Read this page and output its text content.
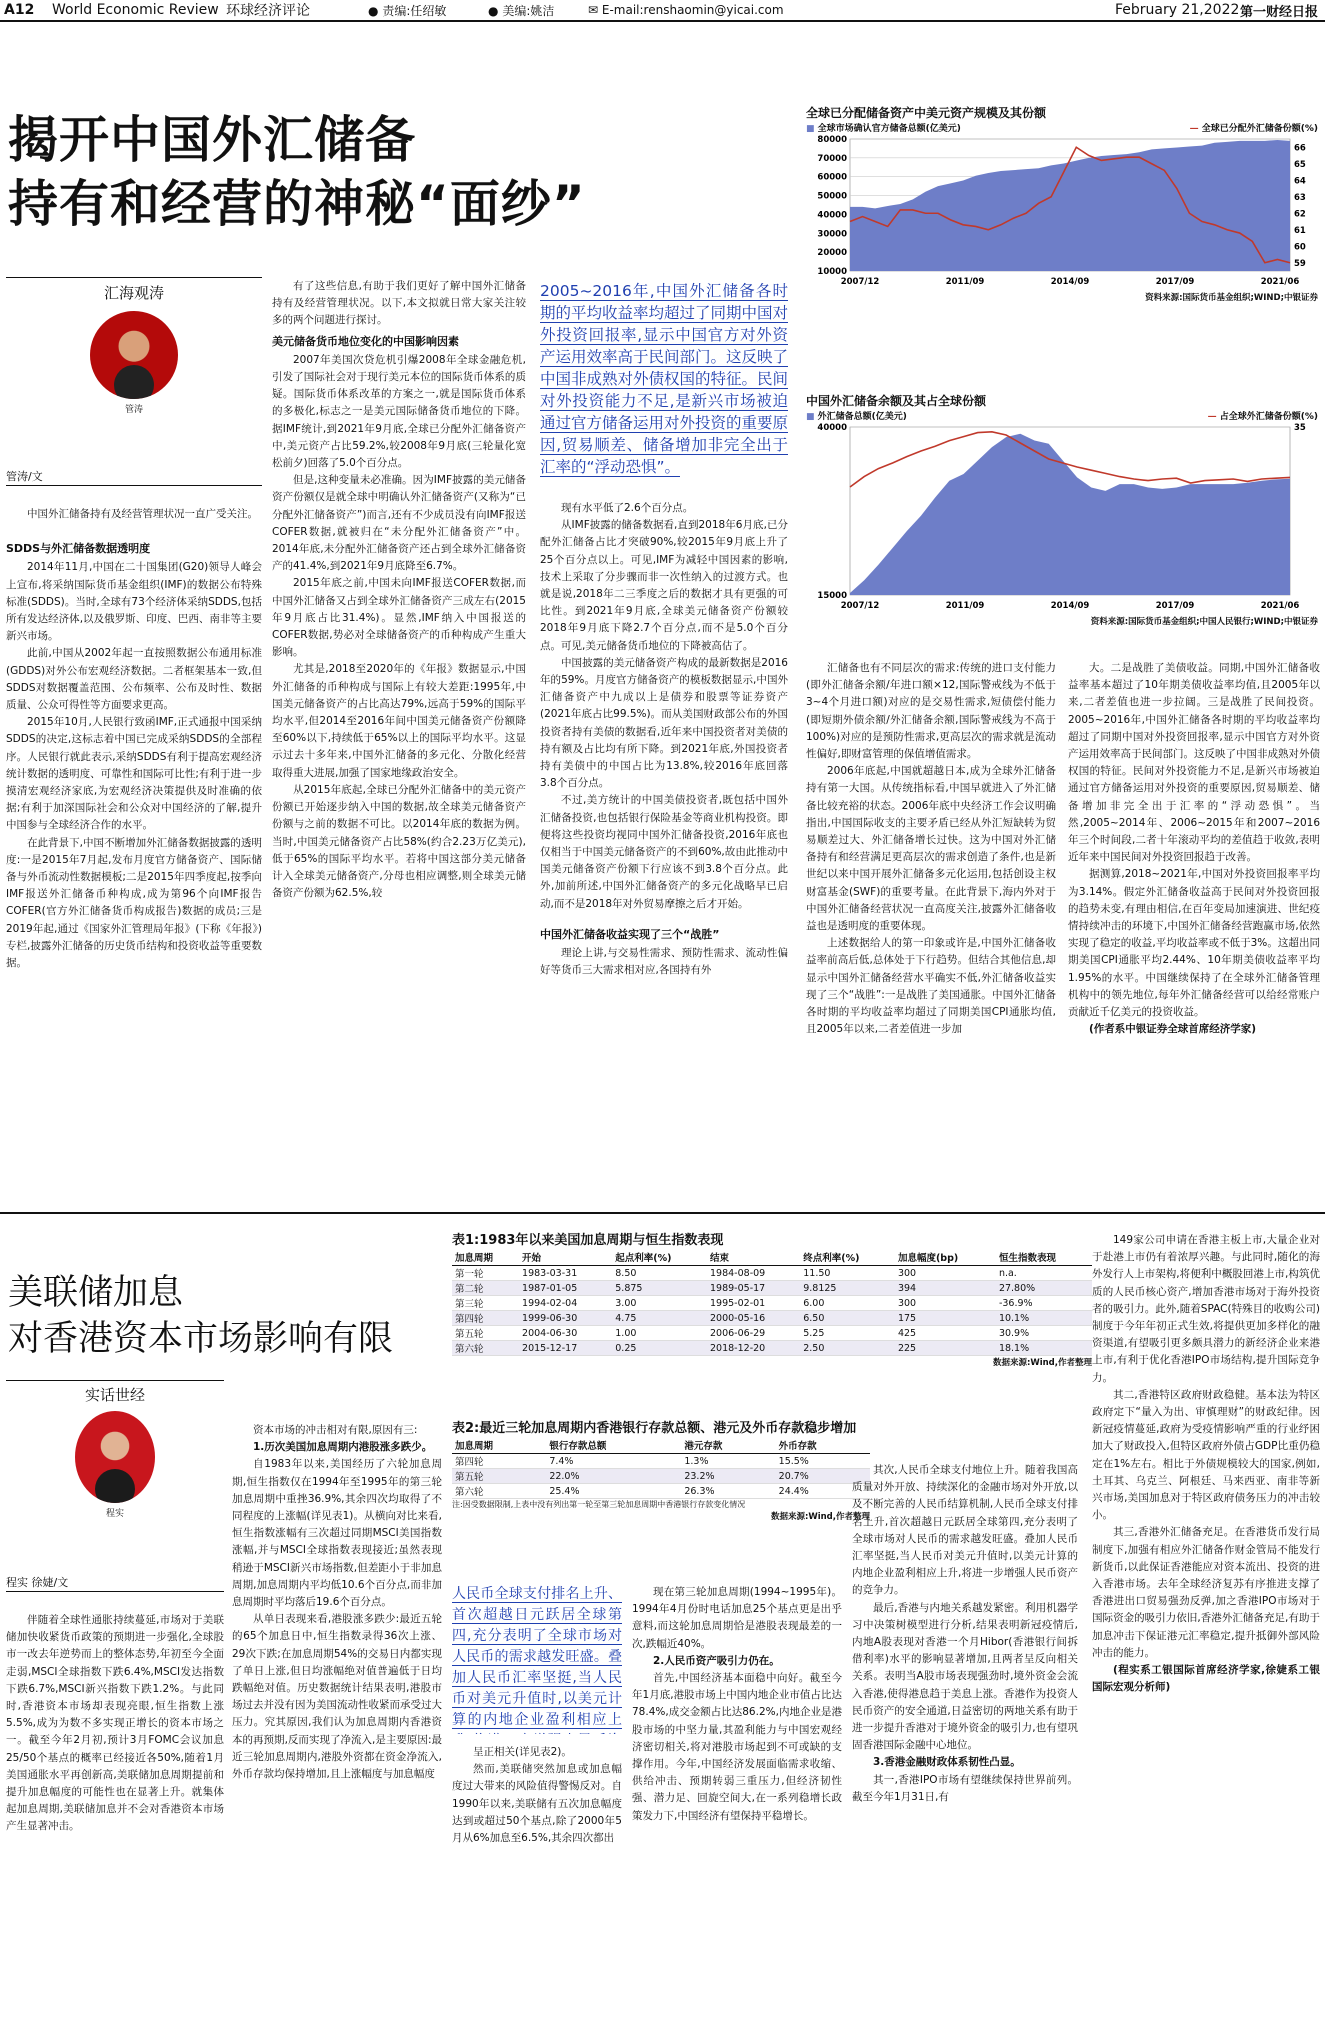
A12 World Economic Review 环球经济评论	● 责编:任绍敏	● 美编:姚洁	✉ E-mail:renshaomin@yicai.com	February 21,2022 第一财经日报
揭开中国外汇储备
持有和经营的神秘“面纱”
汇海观涛
管涛
管涛/文

中国外汇储备持有及经营管理状况一直广受关注。

SDDS与外汇储备数据透明度

2014年11月,中国在二十国集团(G20)领导人峰会上宣布,将采纳国际货币基金组织(IMF)的数据公布特殊标准(SDDS)。当时,全球有73个经济体采纳SDDS,包括所有发达经济体,以及俄罗斯、印度、巴西、南非等主要新兴市场。

此前,中国从2002年起一直按照数据公布通用标准(GDDS)对外公布宏观经济数据。二者框架基本一致,但SDDS对数据覆盖范围、公布频率、公布及时性、数据质量、公众可得性等方面要求更高。

2015年10月,人民银行致函IMF,正式通报中国采纳SDDS的决定,这标志着中国已完成采纳SDDS的全部程序。人民银行就此表示,采纳SDDS有利于提高宏观经济统计数据的透明度、可靠性和国际可比性;有利于进一步摸清宏观经济家底,为宏观经济决策提供及时准确的依据;有利于加深国际社会和公众对中国经济的了解,提升中国参与全球经济合作的水平。

在此背景下,中国不断增加外汇储备数据披露的透明度:一是2015年7月起,发布月度官方储备资产、国际储备与外币流动性数据模板;二是2015年四季度起,按季向IMF报送外汇储备币种构成,成为第96个向IMF报告COFER(官方外汇储备货币构成报告)数据的成员;三是2019年起,通过《国家外汇管理局年报》(下称《年报》)专栏,披露外汇储备的历史货币结构和投资收益等重要数据。

有了这些信息,有助于我们更好了解中国外汇储备持有及经营管理状况。以下,本文拟就日常大家关注较多的两个问题进行探讨。

美元储备货币地位变化的中国影响因素

2007年美国次贷危机引爆2008年全球金融危机,引发了国际社会对于现行美元本位的国际货币体系的质疑。国际货币体系改革的方案之一,就是国际货币体系的多极化,标志之一是美元国际储备货币地位的下降。据IMF统计,到2021年9月底,全球已分配外汇储备资产中,美元资产占比59.2%,较2008年9月底(三轮量化宽松前夕)回落了5.0个百分点。

但是,这种变量未必准确。因为IMF披露的美元储备资产份额仅是就全球中明确认外汇储备资产(又称为“已分配外汇储备资产”)而言,还有不少成员没有向IMF报送COFER数据,就被归在“未分配外汇储备资产”中。2014年底,未分配外汇储备资产还占到全球外汇储备资产的41.4%,到2021年9月底降至6.7%。

2015年底之前,中国未向IMF报送COFER数据,而中国外汇储备又占到全球外汇储备资产三成左右(2015年9月底占比31.4%)。显然,IMF纳入中国报送的COFER数据,势必对全球储备资产的币种构成产生重大影响。

尤其是,2018至2020年的《年报》数据显示,中国外汇储备的币种构成与国际上有较大差距:1995年,中国美元储备资产的占比高达79%,远高于59%的国际平均水平,但2014至2016年间中国美元储备资产份额降至60%以下,持续低于65%以上的国际平均水平。这显示过去十多年来,中国外汇储备的多元化、分散化经营取得重大进展,加强了国家地缘政治安全。

从2015年底起,全球已分配外汇储备中的美元资产份额已开始逐步纳入中国的数据,故全球美元储备资产份额与之前的数据不可比。以2014年底的数据为例。当时,中国美元储备资产占比58%(约合2.23万亿美元),低于65%的国际平均水平。若将中国这部分美元储备计入全球美元储备资产,分母也相应调整,则全球美元储备资产份额为62.5%,较

2005~2016年,中国外汇储备各时期的平均收益率均超过了同期中国对外投资回报率,显示中国官方对外资产运用效率高于民间部门。这反映了中国非成熟对外债权国的特征。民间对外投资能力不足,是新兴市场被迫通过官方储备运用对外投资的重要原因,贸易顺差、储备增加非完全出于汇率的“浮动恐惧”。

现有水平低了2.6个百分点。

从IMF披露的储备数据看,直到2018年6月底,已分配外汇储备占比才突破90%,较2015年9月底上升了25个百分点以上。可见,IMF为减轻中国因素的影响,技术上采取了分步骤而非一次性纳入的过渡方式。也就是说,2018年二三季度之后的数据才具有更强的可比性。到2021年9月底,全球美元储备资产份额较2018年9月底下降2.7个百分点,而不是5.0个百分点。可见,美元储备货币地位的下降被高估了。

中国披露的美元储备资产构成的最新数据是2016年的59%。月度官方储备资产的模板数据显示,中国外汇储备资产中九成以上是债券和股票等证券资产(2021年底占比99.5%)。而从美国财政部公布的外国投资者持有美债的数据看,近年来中国投资者对美债的持有额及占比均有所下降。到2021年底,外国投资者持有美债中的中国占比为13.8%,较2016年底回落3.8个百分点。

不过,美方统计的中国美债投资者,既包括中国外汇储备投资,也包括银行保险基金等商业机构投资。即便将这些投资均视同中国外汇储备投资,2016年底也仅相当于中国美元储备资产的不到60%,故由此推动中国美元储备资产份额下行应该不到3.8个百分点。此外,加前所述,中国外汇储备资产的多元化战略早已启动,而不是2018年对外贸易摩擦之后才开始。

中国外汇储备收益实现了三个“战胜”

理论上讲,与交易性需求、预防性需求、流动性偏好等货币三大需求相对应,各国持有外

全球已分配储备资产中美元资产规模及其份额
■ 全球市场确认官方储备总额(亿美元)	— 全球已分配外汇储备份额(%)
10000
20000
30000
40000
50000
60000
70000
80000
59
60
61
62
63
64
65
66
2007/12	2011/09	2014/09	2017/09	2021/06
资料来源:国际货币基金组织;WIND;中银证券
中国外汇储备余额及其占全球份额
■ 外汇储备总额(亿美元)	— 占全球外汇储备份额(%)
15000
40000	35
2007/12	2011/09	2014/09	2017/09	2021/06
资料来源:国际货币基金组织;中国人民银行;WIND;中银证券

汇储备也有不同层次的需求:传统的进口支付能力(即外汇储备余额/年进口额×12,国际警戒线为不低于3~4个月进口额)对应的是交易性需求,短债偿付能力(即短期外债余额/外汇储备余额,国际警戒线为不高于100%)对应的是预防性需求,更高层次的需求就是流动性偏好,即财富管理的保值增值需求。

2006年底起,中国就超越日本,成为全球外汇储备持有第一大国。从传统指标看,中国早就进入了外汇储备比较充裕的状态。2006年底中央经济工作会议明确指出,中国国际收支的主要矛盾已经从外汇短缺转为贸易顺差过大、外汇储备增长过快。这为中国对外汇储备持有和经营满足更高层次的需求创造了条件,也是新世纪以来中国开展外汇储备多元化运用,包括创设主权财富基金(SWF)的重要考量。在此背景下,海内外对于中国外汇储备经营状况一直高度关注,披露外汇储备收益也是透明度的重要体现。

上述数据给人的第一印象或许是,中国外汇储备收益率前高后低,总体处于下行趋势。但结合其他信息,却显示中国外汇储备经营水平确实不低,外汇储备收益实现了三个“战胜”:一是战胜了美国通胀。中国外汇储备各时期的平均收益率均超过了同期美国CPI通胀均值,且2005年以来,二者差值进一步加

大。二是战胜了美债收益。同期,中国外汇储备收益率基本超过了10年期美债收益率均值,且2005年以来,二者差值也进一步拉阔。三是战胜了民间投资。2005~2016年,中国外汇储备各时期的平均收益率均超过了同期中国对外投资回报率,显示中国官方对外资产运用效率高于民间部门。这反映了中国非成熟对外债权国的特征。民间对外投资能力不足,是新兴市场被迫通过官方储备运用对外投资的重要原因,贸易顺差、储备增加非完全出于汇率的“浮动恐惧”。当然,2005~2014年、2006~2015年和2007~2016年三个时间段,二者十年滚动平均的差值趋于收敛,表明近年来中国民间对外投资回报趋于改善。

据测算,2018~2021年,中国对外投资回报率平均为3.14%。假定外汇储备收益高于民间对外投资回报的趋势未变,有理由相信,在百年变局加速演进、世纪疫情持续冲击的环境下,中国外汇储备经营跑赢市场,依然实现了稳定的收益,平均收益率或不低于3%。这超出同期美国CPI通胀平均2.44%、10年期美债收益率平均1.95%的水平。中国继续保持了在全球外汇储备管理机构中的领先地位,每年外汇储备经营可以给经常账户贡献近千亿美元的投资收益。

(作者系中银证券全球首席经济学家)

美联储加息
对香港资本市场影响有限
实话世经
程实
程实 徐婕/文

伴随着全球性通胀持续蔓延,市场对于美联储加快收紧货币政策的预期进一步强化,全球股市一改去年逆势而上的整体态势,年初至今全面走弱,MSCI全球指数下跌6.4%,MSCI发达指数下跌6.7%,MSCI新兴指数下跌1.2%。与此同时,香港资本市场却表现亮眼,恒生指数上涨5.5%,成为为数不多实现正增长的资本市场之一。截至今年2月初,预计3月FOMC会议加息25/50个基点的概率已经接近各50%,随着1月美国通胀水平再创新高,美联储加息周期提前和提升加息幅度的可能性也在显著上升。就集体起加息周期,美联储加息并不会对香港资本市场产生显著冲击。

资本市场的冲击相对有限,原因有三:

1.历次美国加息周期内港股涨多跌少。

自1983年以来,美国经历了六轮加息周期,恒生指数仅在1994年至1995年的第三轮加息周期中重挫36.9%,其余四次均取得了不同程度的上涨幅(详见表1)。从横向对比来看,恒生指数涨幅有三次超过同期MSCI美国指数涨幅,并与MSCI全球指数表现接近;虽然表现稍逊于MSCI新兴市场指数,但差距小于非加息周期,加息周期内平均低10.6个百分点,而非加息周期时平均落后19.6个百分点。

从单日表现来看,港股涨多跌少:最近五轮的65个加息日中,恒生指数录得36次上涨、29次下跌;在加息周期54%的交易日内都实现了单日上涨,但日均涨幅绝对值普遍低于日均跌幅绝对值。历史数据统计结果表明,港股市场过去并没有因为美国流动性收紧而承受过大压力。究其原因,我们认为加息周期内香港资本的再预期,反而实现了净流入,是主要原因:最近三轮加息周期内,港股外资都在资金净流入,外币存款均保持增加,且上涨幅度与加息幅度

表1:1983年以来美国加息周期与恒生指数表现
加息周期	开始	起点利率(%)	结束	终点利率(%)	加息幅度(bp)	恒生指数表现
第一轮	1983-03-31	8.50	1984-08-09	11.50	300	n.a.
第二轮	1987-01-05	5.875	1989-05-17	9.8125	394	27.80%
第三轮	1994-02-04	3.00	1995-02-01	6.00	300	-36.9%
第四轮	1999-06-30	4.75	2000-05-16	6.50	175	10.1%
第五轮	2004-06-30	1.00	2006-06-29	5.25	425	30.9%
第六轮	2015-12-17	0.25	2018-12-20	2.50	225	18.1%
数据来源:Wind,作者整理
表2:最近三轮加息周期内香港银行存款总额、港元及外币存款稳步增加
加息周期	银行存款总额	港元存款	外币存款
第四轮	7.4%	1.3%	15.5%
第五轮	22.0%	23.2%	20.7%
第六轮	25.4%	26.3%	24.4%
注:因受数据限制,上表中没有列出第一轮至第三轮加息周期中香港银行存款变化情况
数据来源:Wind,作者整理
人民币全球支付排名上升、首次超越日元跃居全球第四,充分表明了全球市场对人民币的需求越发旺盛。叠加人民币汇率坚挺,当人民币对美元升值时,以美元计算的内地企业盈利相应上

呈正相关(详见表2)。

然而,美联储突然加息或加息幅度过大带来的风险值得警惕反对。自1990年以来,美联储有五次加息幅度达到或超过50个基点,除了2000年5月从6%加息至6.5%,其余四次都出

现在第三轮加息周期(1994~1995年)。1994年4月份时电话加息25个基点更是出乎意料,而这轮加息周期恰是港股表现最差的一次,跌幅近40%。

2.人民币资产吸引力仍在。

首先,中国经济基本面稳中向好。截至今年1月底,港股市场上中国内地企业市值占比达78.4%,成交金额占比达86.2%,内地企业是港股市场的中坚力量,其盈利能力与中国宏观经济密切相关,将对港股市场起到不可或缺的支撑作用。今年,中国经济发展面临需求收缩、供给冲击、预期转弱三重压力,但经济韧性强、潜力足、回旋空间大,在一系列稳增长政策发力下,中国经济有望保持平稳增长。

其次,人民币全球支付地位上升。随着我国高质量对外开放、持续深化的金融市场对外开放,以及不断完善的人民币结算机制,人民币全球支付排名上升,首次超越日元跃居全球第四,充分表明了全球市场对人民币的需求越发旺盛。叠加人民币汇率坚挺,当人民币对美元升值时,以美元计算的内地企业盈利相应上升,将进一步增强人民币资产的竞争力。

最后,香港与内地关系越发紧密。利用机器学习中决策树模型进行分析,结果表明新冠疫情后,内地A股表现对香港一个月Hibor(香港银行间拆借利率)水平的影响显著增加,且两者呈反向相关关系。表明当A股市场表现强劲时,境外资金会流入香港,使得港息趋于美息上涨。香港作为投资人民币资产的安全通道,日益密切的两地关系有助于进一步提升香港对于境外资金的吸引力,也有望巩固香港国际金融中心地位。

3.香港金融财政体系韧性凸显。

其一,香港IPO市场有望继续保持世界前列。截至今年1月31日,有

149家公司申请在香港主板上市,大量企业对于赴港上市仍有着浓厚兴趣。与此同时,随化的海外发行人上市架构,将便利中概股回港上市,构筑优质的人民币核心资产,增加香港市场对于海外投资者的吸引力。此外,随着SPAC(特殊目的收购公司)制度于今年年初正式生效,将提供更加多样化的融资渠道,有望吸引更多颇具潜力的新经济企业来港上市,有利于优化香港IPO市场结构,提升国际竞争力。

其二,香港特区政府财政稳健。基本法为特区政府定下“量入为出、审慎理财”的财政纪律。因新冠疫情蔓延,政府为受疫情影响严重的行业纾困加大了财政投入,但特区政府外债占GDP比重仍稳定在1%左右。相比于外债规模较大的国家,例如,土耳其、乌克兰、阿根廷、马来西亚、南非等新兴市场,美国加息对于特区政府债务压力的冲击较小。

其三,香港外汇储备充足。在香港货币发行局制度下,加强有相应外汇储备作财金管局不能发行新货币,以此保证香港能应对资本流出、投资的进入香港市场。去年全球经济复苏有序推进支撑了香港进出口贸易强劲反弹,加之香港IPO市场对于国际资金的吸引力依旧,香港外汇储备充足,有助于加息冲击下保证港元汇率稳定,提升抵御外部风险冲击的能力。

(程实系工银国际首席经济学家,徐婕系工银国际宏观分析师)
